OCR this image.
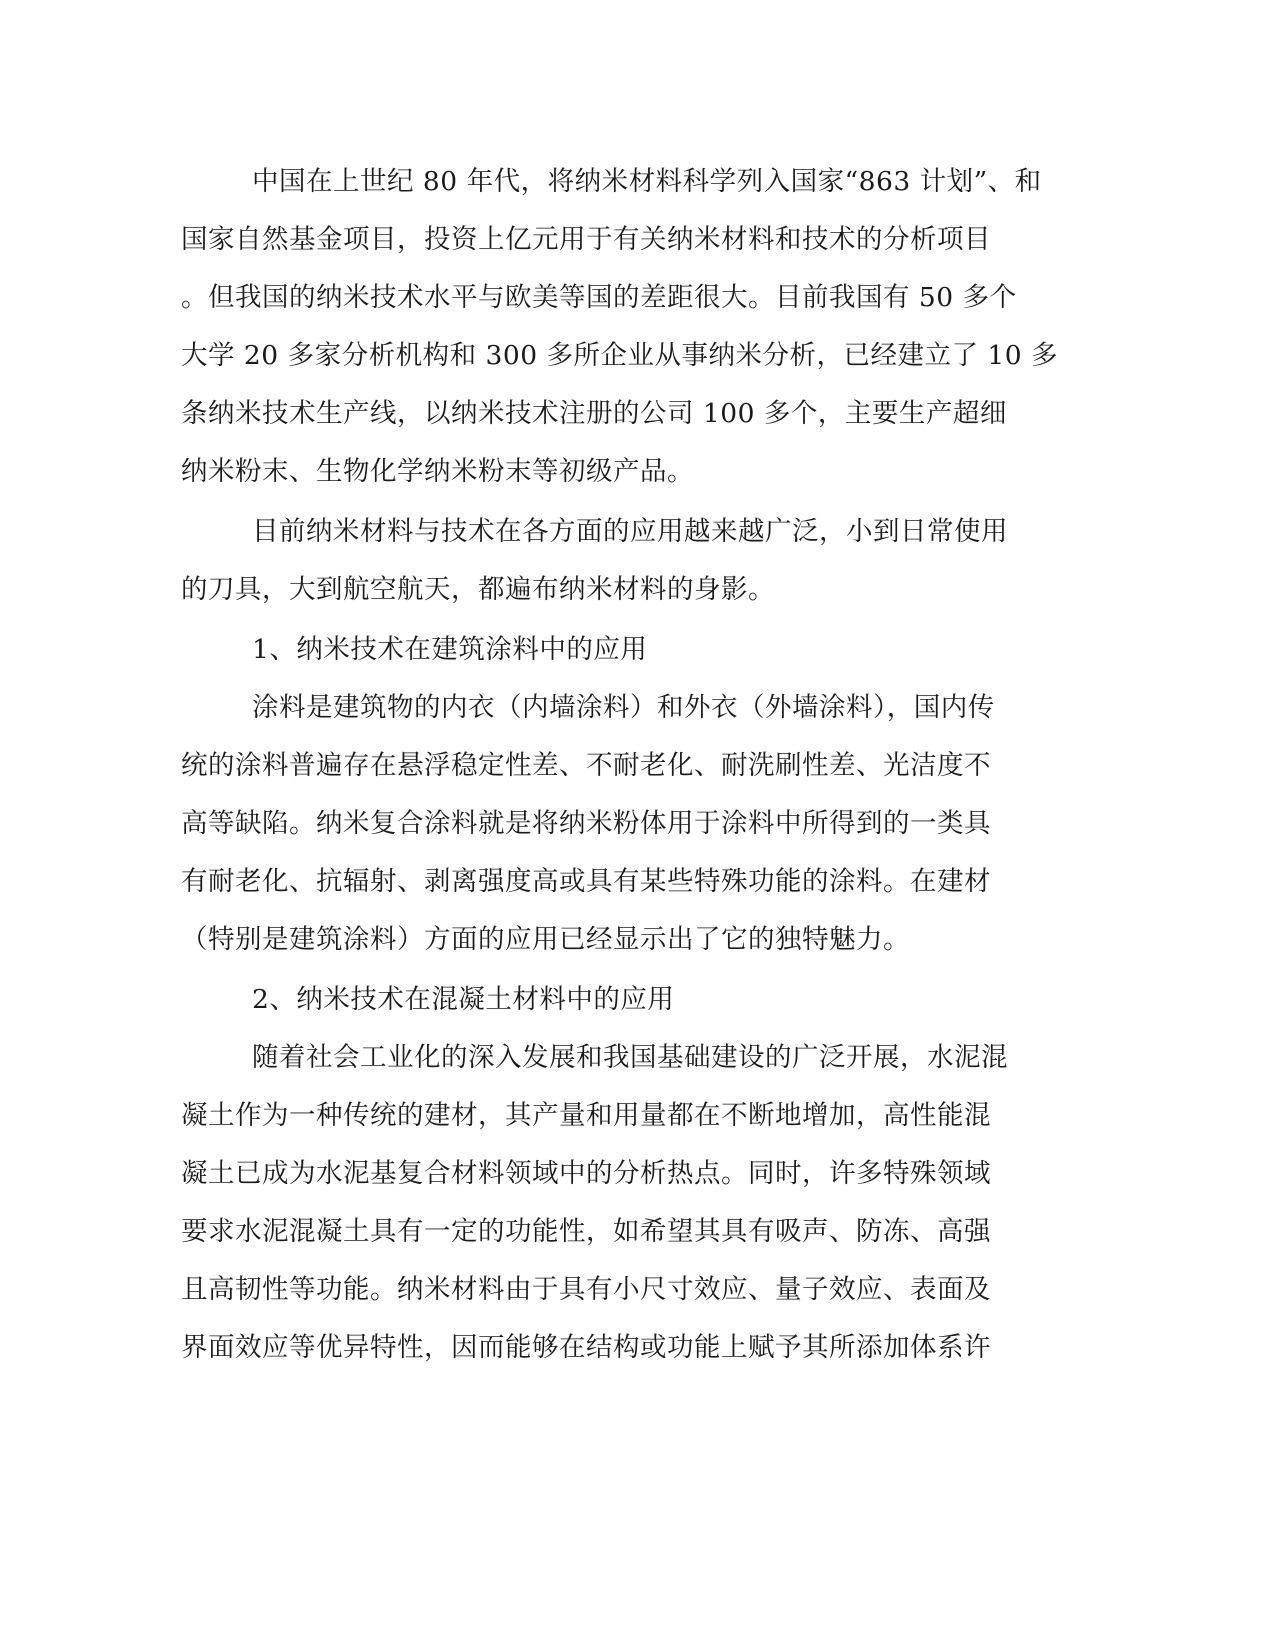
中国在上世纪 80 年代，将纳米材料科学列入国家“863 计划”、和
国家自然基金项目，投资上亿元用于有关纳米材料和技术的分析项目
。但我国的纳米技术水平与欧美等国的差距很大。目前我国有 50 多个
大学 20 多家分析机构和 300 多所企业从事纳米分析，已经建立了 10 多
条纳米技术生产线，以纳米技术注册的公司 100 多个，主要生产超细
纳米粉末、生物化学纳米粉末等初级产品。
目前纳米材料与技术在各方面的应用越来越广泛，小到日常使用
的刀具，大到航空航天，都遍布纳米材料的身影。
1、纳米技术在建筑涂料中的应用
涂料是建筑物的内衣（内墙涂料）和外衣（外墙涂料），国内传
统的涂料普遍存在悬浮稳定性差、不耐老化、耐洗刷性差、光洁度不
高等缺陷。纳米复合涂料就是将纳米粉体用于涂料中所得到的一类具
有耐老化、抗辐射、剥离强度高或具有某些特殊功能的涂料。在建材
（特别是建筑涂料）方面的应用已经显示出了它的独特魅力。
2、纳米技术在混凝土材料中的应用
随着社会工业化的深入发展和我国基础建设的广泛开展，水泥混
凝土作为一种传统的建材，其产量和用量都在不断地增加，高性能混
凝土已成为水泥基复合材料领域中的分析热点。同时，许多特殊领域
要求水泥混凝土具有一定的功能性，如希望其具有吸声、防冻、高强
且高韧性等功能。纳米材料由于具有小尺寸效应、量子效应、表面及
界面效应等优异特性，因而能够在结构或功能上赋予其所添加体系许
